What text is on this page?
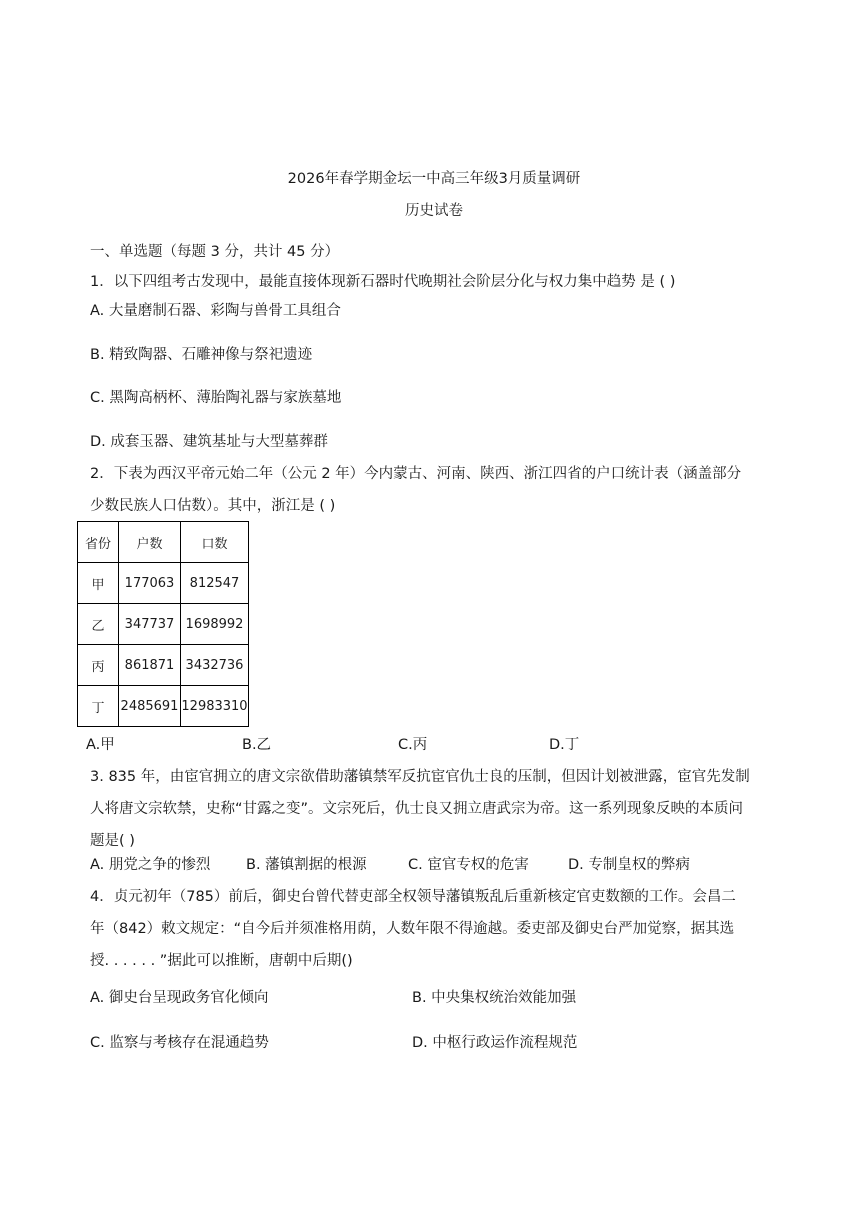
2026年春学期金坛一中高三年级3月质量调研
历史试卷
一、单选题（每题 3 分，共计 45 分）
1．以下四组考古发现中，最能直接体现新石器时代晚期社会阶层分化与权力集中趋势 是 ( )
A. 大量磨制石器、彩陶与兽骨工具组合
B. 精致陶器、石雕神像与祭祀遗迹
C. 黑陶高柄杯、薄胎陶礼器与家族墓地
D. 成套玉器、建筑基址与大型墓葬群
2．下表为西汉平帝元始二年（公元 2 年）今内蒙古、河南、陕西、浙江四省的户口统计表（涵盖部分少数民族人口估数）。其中，浙江是 ( )
省份	户数	口数
甲	177063	812547
乙	347737	1698992
丙	861871	3432736
丁	2485691	12983310
A.甲	B.乙	C.丙	D.丁
3. 835 年，由宦官拥立的唐文宗欲借助藩镇禁军反抗宦官仇士良的压制，但因计划被泄露，宦官先发制人将唐文宗软禁，史称“甘露之变”。文宗死后，仇士良又拥立唐武宗为帝。这一系列现象反映的本质问题是( )
A. 朋党之争的惨烈 B. 藩镇割据的根源	C. 宦官专权的危害	D. 专制皇权的弊病
4．贞元初年（785）前后，御史台曾代替吏部全权领导藩镇叛乱后重新核定官吏数额的工作。会昌二年（842）敕文规定：“自今后并须准格用荫，人数年限不得逾越。委吏部及御史台严加觉察，据其选授. . . . . . ”据此可以推断，唐朝中后期()
A. 御史台呈现政务官化倾向	B. 中央集权统治效能加强
C. 监察与考核存在混通趋势	D. 中枢行政运作流程规范
